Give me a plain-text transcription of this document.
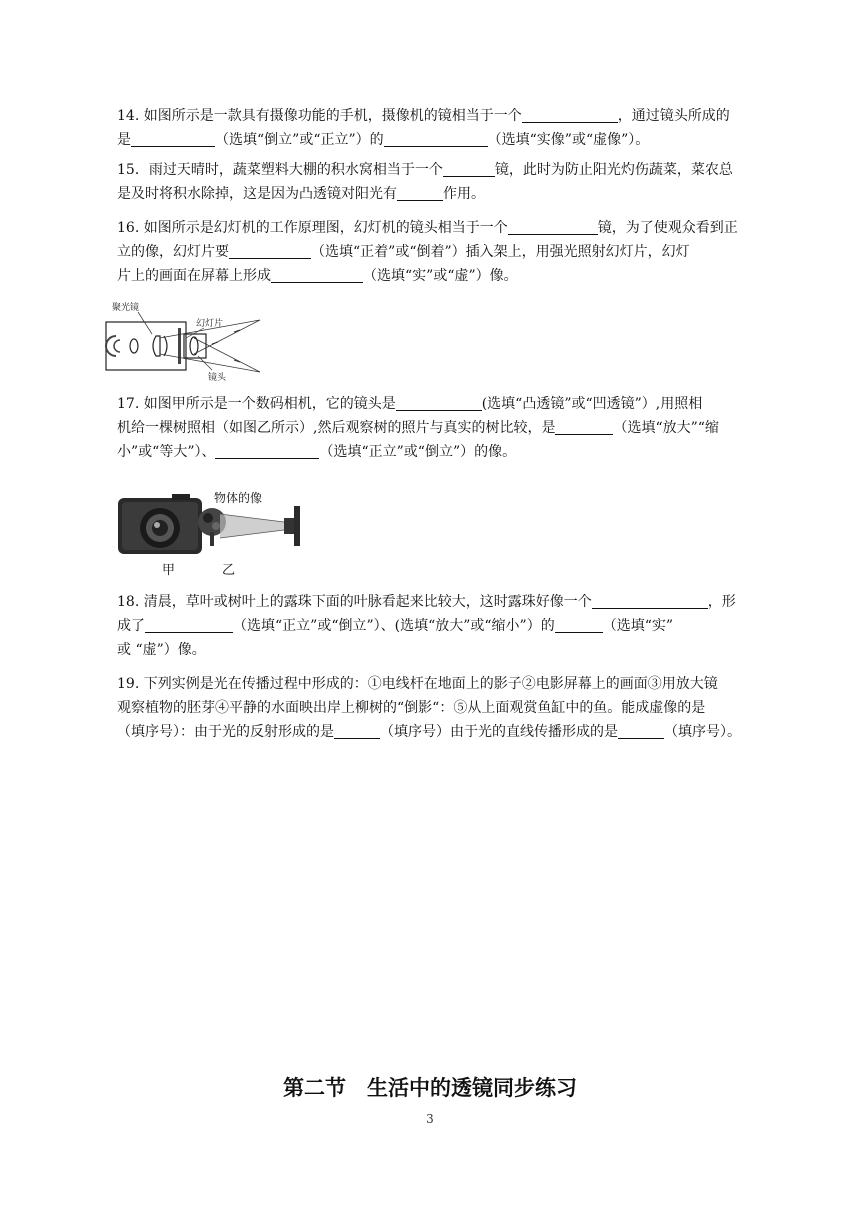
14. 如图所示是一款具有摄像功能的手机，摄像机的镜相当于一个	，通过镜头所成的

是	（选填“倒立”或“正立”）的	（选填“实像”或“虚像”）。

15．雨过天晴时，蔬菜塑料大棚的积水窝相当于一个	镜，此时为防止阳光灼伤蔬菜，菜农总

是及时将积水除掉，这是因为凸透镜对阳光有	作用。

16. 如图所示是幻灯机的工作原理图，幻灯机的镜头相当于一个	镜，为了使观众看到正

立的像，幻灯片要	（选填“正着”或“倒着”）插入架上，用强光照射幻灯片，幻灯

片上的画面在屏幕上形成	（选填“实”或“虚”）像。

聚光镜
幻灯片
镜头

17. 如图甲所示是一个数码相机，它的镜头是	(选填“凸透镜”或“凹透镜”）,用照相

机给一棵树照相（如图乙所示）,然后观察树的照片与真实的树比较，是	（选填“放大”“缩

小”或“等大”）、	（选填“正立”或“倒立”）的像。

物体的像
甲	乙

18. 清晨，草叶或树叶上的露珠下面的叶脉看起来比较大，这时露珠好像一个	，形

成了	（选填“正立”或“倒立”）、(选填“放大”或“缩小”）的	（选填“实”

或 “虚”）像。

19. 下列实例是光在传播过程中形成的：①电线杆在地面上的影子②电影屏幕上的画面③用放大镜

观察植物的胚芽④平静的水面映出岸上柳树的“倒影“：⑤从上面观赏鱼缸中的鱼。能成虚像的是

（填序号）：由于光的反射形成的是	（填序号）由于光的直线传播形成的是	（填序号）。

第二节　生活中的透镜同步练习
3
